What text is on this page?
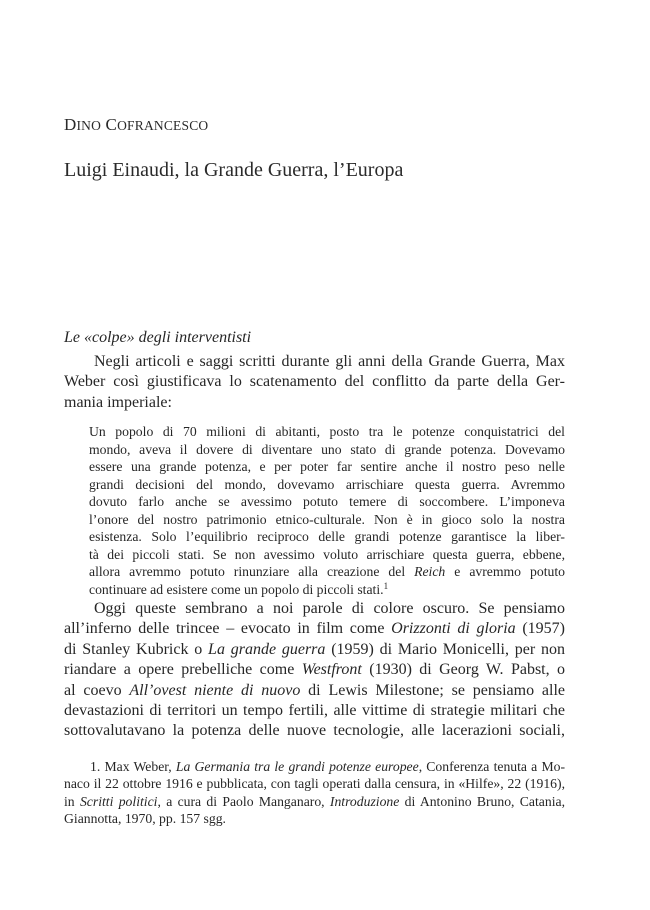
DINO COFRANCESCO
Luigi Einaudi, la Grande Guerra, l’Europa
Le «colpe» degli interventisti
Negli articoli e saggi scritti durante gli anni della Grande Guerra, Max
Weber così giustificava lo scatenamento del conflitto da parte della Ger-
mania imperiale:
Un popolo di 70 milioni di abitanti, posto tra le potenze conquistatrici del
mondo, aveva il dovere di diventare uno stato di grande potenza. Dovevamo
essere una grande potenza, e per poter far sentire anche il nostro peso nelle
grandi decisioni del mondo, dovevamo arrischiare questa guerra. Avremmo
dovuto farlo anche se avessimo potuto temere di soccombere. L’imponeva
l’onore del nostro patrimonio etnico-culturale. Non è in gioco solo la nostra
esistenza. Solo l’equilibrio reciproco delle grandi potenze garantisce la liber-
tà dei piccoli stati. Se non avessimo voluto arrischiare questa guerra, ebbene,
allora avremmo potuto rinunziare alla creazione del Reich e avremmo potuto
continuare ad esistere come un popolo di piccoli stati.$^1$
Oggi queste sembrano a noi parole di colore oscuro. Se pensiamo
all’inferno delle trincee – evocato in film come Orizzonti di gloria (1957)
di Stanley Kubrick o La grande guerra (1959) di Mario Monicelli, per non
riandare a opere prebelliche come Westfront (1930) di Georg W. Pabst, o
al coevo All’ovest niente di nuovo di Lewis Milestone; se pensiamo alle
devastazioni di territori un tempo fertili, alle vittime di strategie militari che
sottovalutavano la potenza delle nuove tecnologie, alle lacerazioni sociali,
1. Max Weber, La Germania tra le grandi potenze europee, Conferenza tenuta a Mo-
naco il 22 ottobre 1916 e pubblicata, con tagli operati dalla censura, in «Hilfe», 22 (1916),
in Scritti politici, a cura di Paolo Manganaro, Introduzione di Antonino Bruno, Catania,
Giannotta, 1970, pp. 157 sgg.
